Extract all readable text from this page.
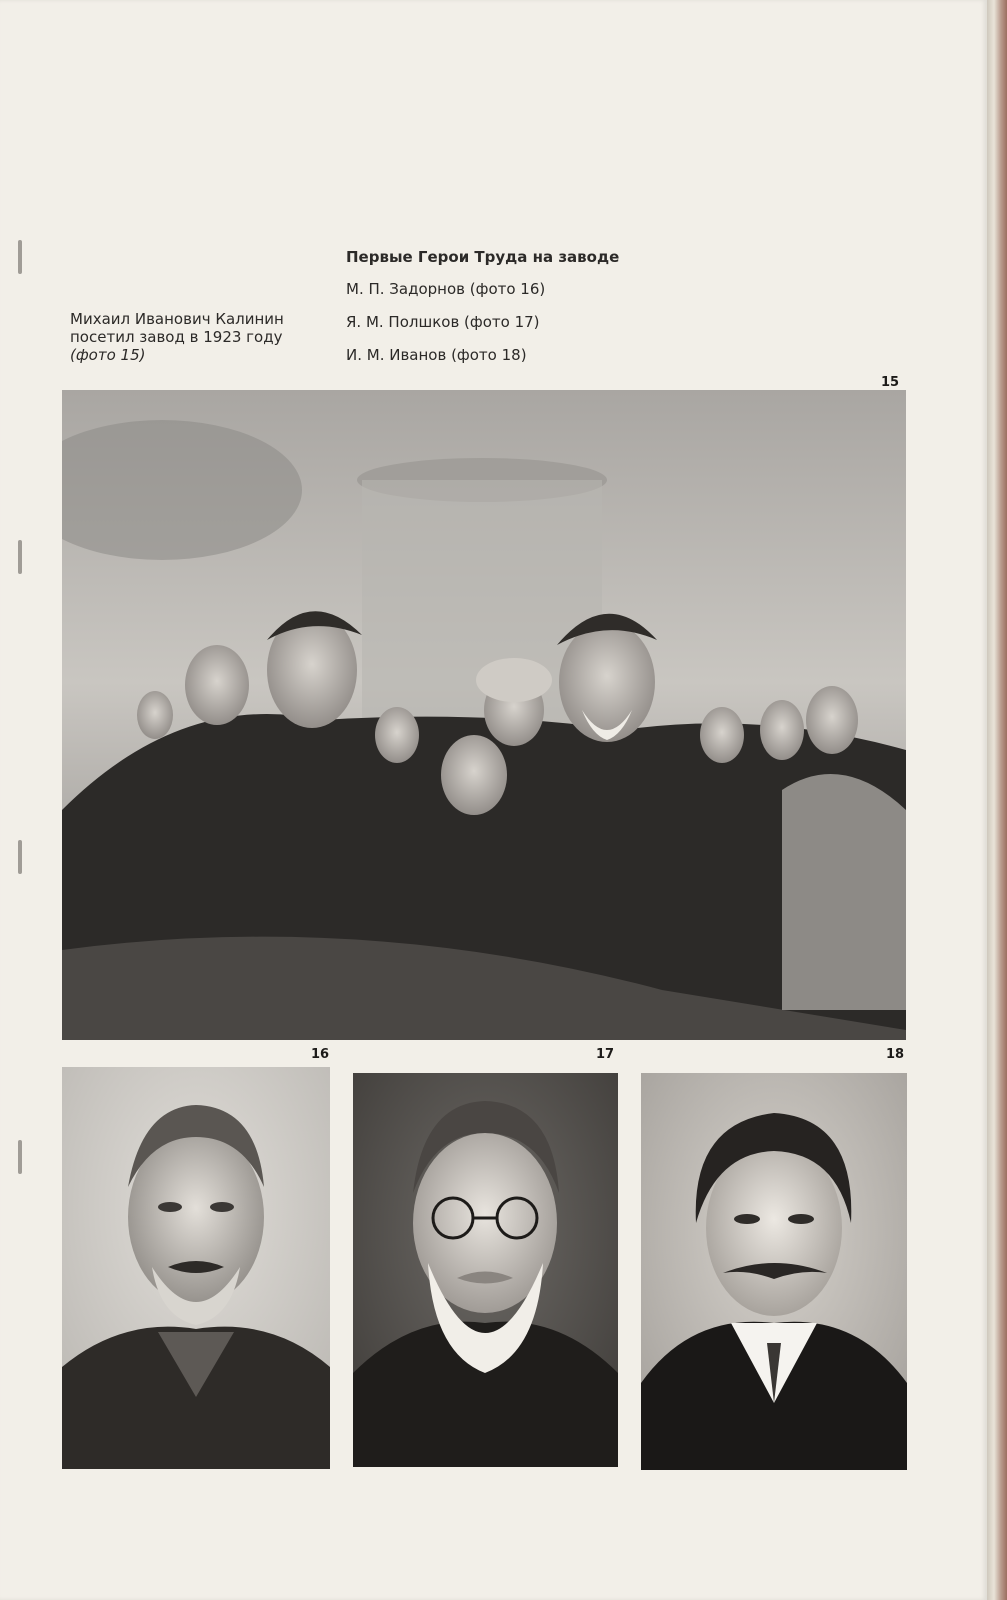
Михаил Иванович Калинин
посетил завод в 1923 году
(фото 15)
Первые Герои Труда на заводе
М. П. Задорнов (фото 16)
Я. М. Полшков (фото 17)
И. М. Иванов (фото 18)
15
16	17	18
